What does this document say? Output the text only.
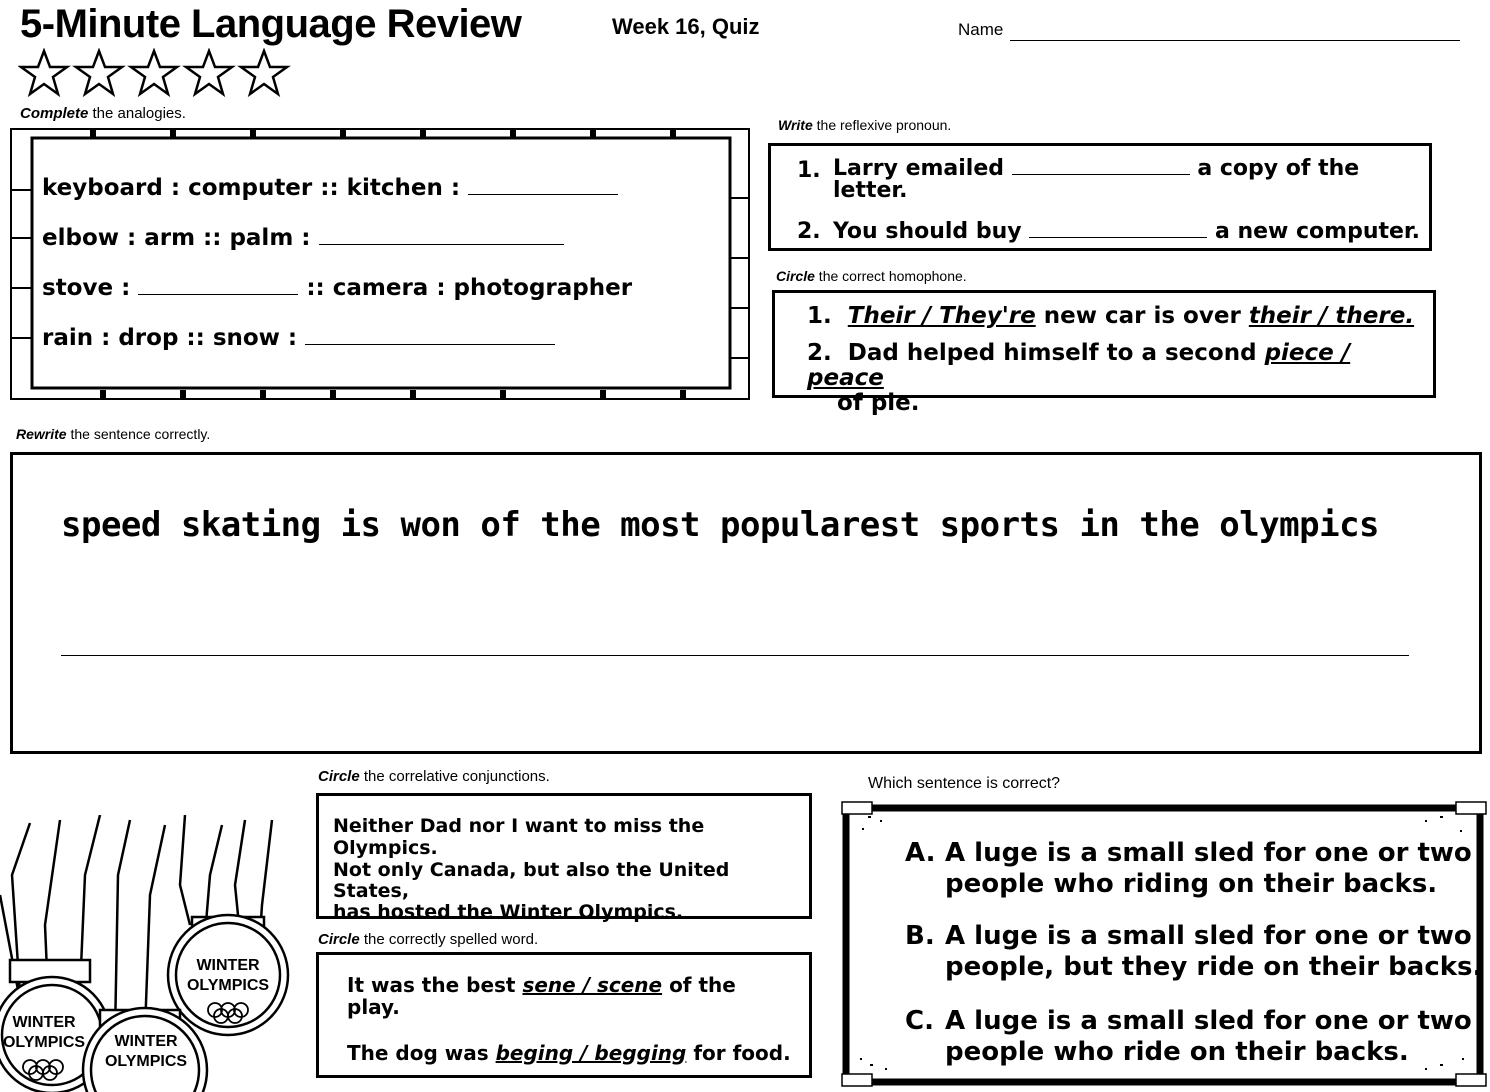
5-Minute Language Review	Week 16, Quiz	Name
Complete the analogies.
keyboard : computer :: kitchen :
elbow : arm :: palm :
stove :	:: camera : photographer
rain : drop :: snow :
Write the reflexive pronoun.
1. Larry emailed	a copy of the
letter.
2. You should buy	a new computer.
Circle the correct homophone.
1. Their / They're new car is over their / there.
2. Dad helped himself to a second piece / peace
of pie.
Rewrite the sentence correctly.
speed skating is won of the most popularest sports in the olympics
WINTER
OLYMPICS
WINTER
OLYMPICS WINTER
OLYMPICS
Circle the correlative conjunctions.
Neither Dad nor I want to miss the Olympics.
Not only Canada, but also the United States,
has hosted the Winter Olympics.
Circle the correctly spelled word.
It was the best sene / scene of the
play.
The dog was beging / begging for food.
Which sentence is correct?
A. A luge is a small sled for one or two
people who riding on their backs.
B. A luge is a small sled for one or two
people, but they ride on their backs.
C. A luge is a small sled for one or two
people who ride on their backs.
